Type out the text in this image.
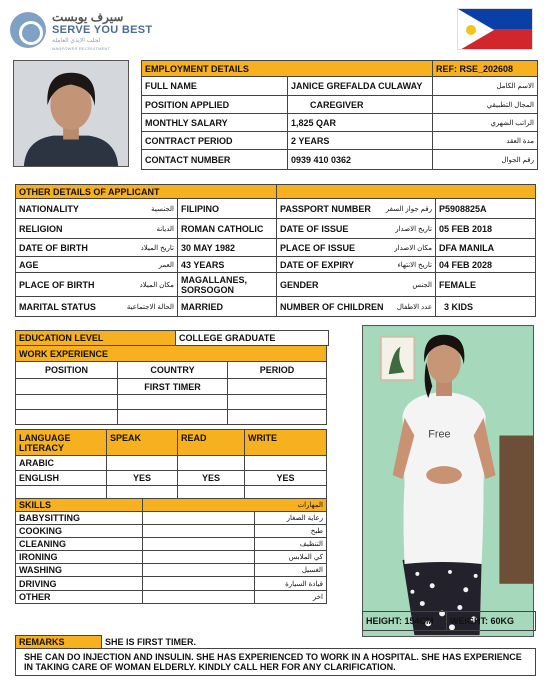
سيرف يوبست
SERVE YOU BEST
لجلب الايدي العاملة
MANPOWER RECRUITMENT
EMPLOYMENT DETAILS		REF: RSE_202608
FULL NAME	JANICE GREFALDA CULAWAY	الاسم الكامل
POSITION APPLIED	CAREGIVER	المجال التطبيقي
MONTHLY SALARY	1,825 QAR	الراتب الشهري
CONTRACT PERIOD	2 YEARS	مدة العقد
CONTACT NUMBER	0939 410 0362	رقم الجوال
OTHER DETAILS OF APPLICANT			

NATIONALITY الجنسية	FILIPINO	PASSPORT NUMBER رقم جواز السفر	P5908825A

RELIGION الديانة	ROMAN CATHOLIC	DATE OF ISSUE تاريخ الاصدار	05 FEB 2018

DATE OF BIRTH تاريخ الميلاد	30 MAY 1982	PLACE OF ISSUE مكان الاصدار	DFA MANILA

AGE العمر	43 YEARS	DATE OF EXPIRY تاريخ الانتهاء	04 FEB 2028

PLACE OF BIRTH مكان الميلاد	MAGALLANES, SORSOGON	GENDER الجنس	FEMALE

MARITAL STATUS الحالة الاجتماعية	MARRIED	NUMBER OF CHILDREN عدد الاطفال	3 KIDS
EDUCATION LEVEL	COLLEGE GRADUATE
WORK EXPERIENCE		
POSITION	COUNTRY	PERIOD
	FIRST TIMER	

LANGUAGE LITERACY	SPEAK	READ	WRITE
ARABIC			
ENGLISH	YES	YES	YES

SKILLS	المهارات	
BABYSITTING		رعاية الصغار
COOKING		طبخ
CLEANING		التنظيف
IRONING		كي الملابس
WASHING		الغسيل
DRIVING		قيادة السيارة
OTHER		اخر
Free
HEIGHT: 154CM	WEIGHT: 60KG
REMARKS	SHE IS FIRST TIMER.
SHE CAN DO INJECTION AND INSULIN. SHE HAS EXPERIENCED TO WORK IN A HOSPITAL. SHE HAS EXPERIENCE IN TAKING CARE OF WOMAN ELDERLY. KINDLY CALL HER FOR ANY CLARIFICATION.
